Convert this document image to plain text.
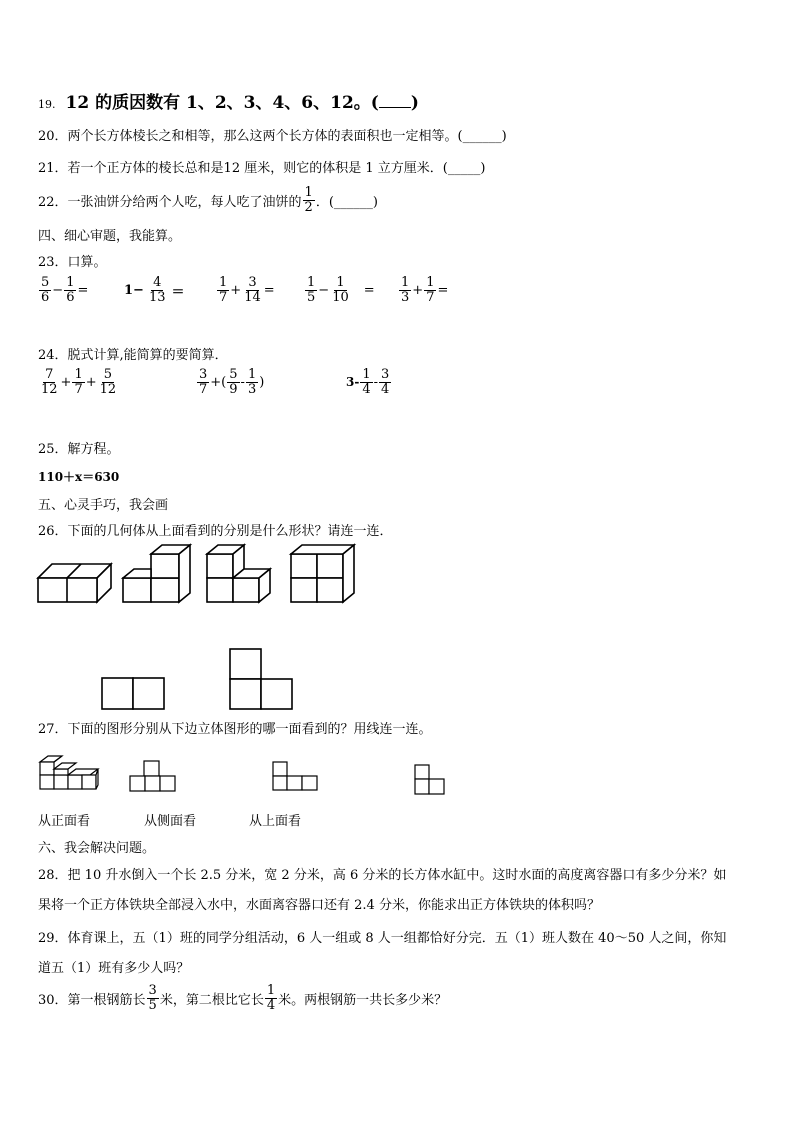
19. 12 的质因数有 1、2、3、4、6、12。( )
20．两个长方体棱长之和相等，那么这两个长方体的表面积也一定相等。(______)
21．若一个正方体的棱长总和是12 厘米，则它的体积是 1 立方厘米．(_____)
22．一张油饼分给两个人吃，每人吃了油饼的 $\frac{1}{2}$ ．(______)
四、细心审题，我能算。
23．口算。
$\frac{5}{6} - \frac{1}{6}$ =	$1- \frac{4}{13} = \frac{1}{7} + \frac{3}{14} = \frac{1}{5} - \frac{1}{10} = \frac{1}{3} + \frac{1}{7}$ =
24．脱式计算,能简算的要简算．
$\frac{7}{12} + \frac{1}{7} + \frac{5}{12}$	$\frac{3}{7}$ +( $\frac{5}{9} - \frac{1}{3}$ )	$3- \frac{1}{4} - \frac{3}{4}$
25．解方程。
110＋x＝630
五、心灵手巧，我会画
26．下面的几何体从上面看到的分别是什么形状？请连一连．
27．下面的图形分别从下边立体图形的哪一面看到的？用线连一连。
从正面看	从侧面看	从上面看
六、我会解决问题。
28．把 10 升水倒入一个长 2.5 分米，宽 2 分米，高 6 分米的长方体水缸中。这时水面的高度离容器口有多少分米？如
果将一个正方体铁块全部浸入水中，水面离容器口还有 2.4 分米，你能求出正方体铁块的体积吗？
29．体育课上，五（1）班的同学分组活动，6 人一组或 8 人一组都恰好分完．五（1）班人数在 40～50 人之间，你知
道五（1）班有多少人吗？
30．第一根钢筋长 $\frac{3}{5}$ 米，第二根比它长 $\frac{1}{4}$ 米。两根钢筋一共长多少米？
